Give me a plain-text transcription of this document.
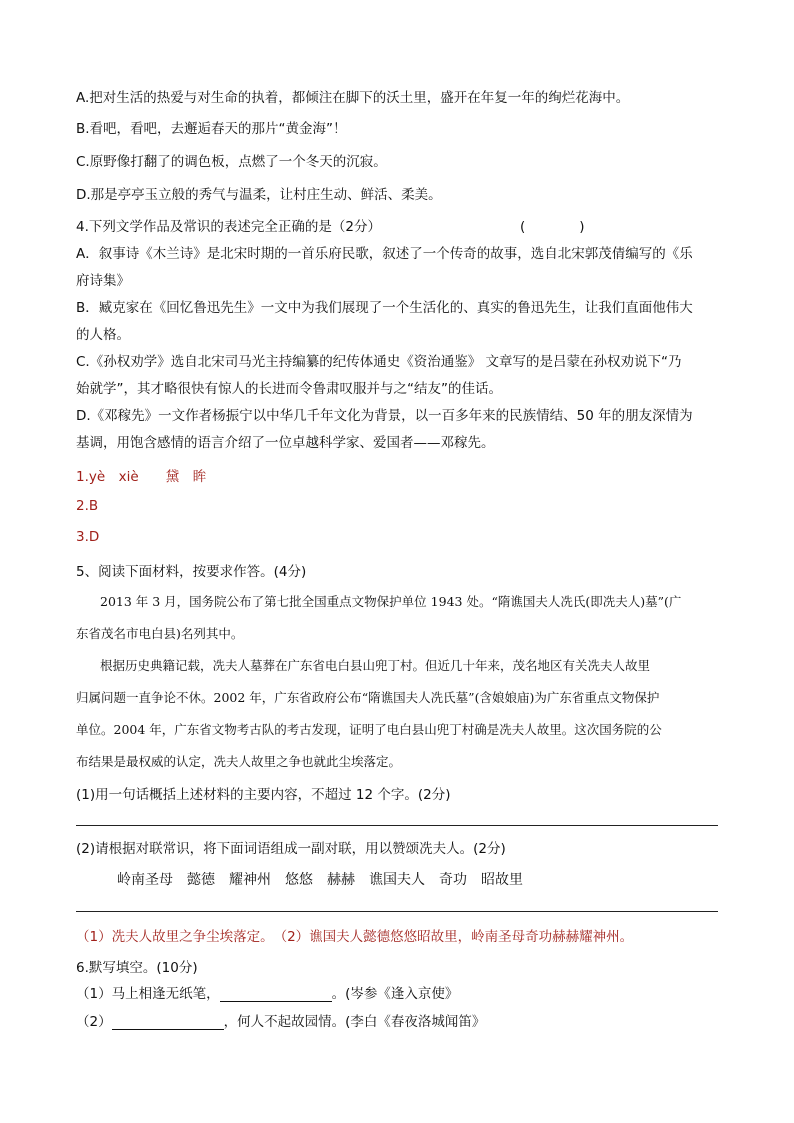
A.把对生活的热爱与对生命的执着，都倾注在脚下的沃土里，盛开在年复一年的绚烂花海中。
B.看吧，看吧，去邂逅春天的那片“黄金海”！
C.原野像打翻了的调色板，点燃了一个冬天的沉寂。
D.那是亭亭玉立般的秀气与温柔，让村庄生动、鲜活、柔美。
4.下列文学作品及常识的表述完全正确的是（2分）	(　　　　)
A．叙事诗《木兰诗》是北宋时期的一首乐府民歌，叙述了一个传奇的故事，选自北宋郭茂倩编写的《乐
府诗集》
B．臧克家在《回忆鲁迅先生》一文中为我们展现了一个生活化的、真实的鲁迅先生，让我们直面他伟大
的人格。
C.《孙权劝学》选自北宋司马光主持编纂的纪传体通史《资治通鉴》 文章写的是吕蒙在孙权劝说下“乃
始就学”，其才略很快有惊人的长进而令鲁肃叹服并与之“结友”的佳话。
D.《邓稼先》一文作者杨振宁以中华几千年文化为背景，以一百多年来的民族情结、50 年的朋友深情为
基调，用饱含感情的语言介绍了一位卓越科学家、爱国者——邓稼先。
1.yè　xiè　　黛　眸
2.B
3.D
5、阅读下面材料，按要求作答。(4分)
2013 年 3 月，国务院公布了第七批全国重点文物保护单位 1943 处。“隋谯国夫人冼氏(即冼夫人)墓”(广
东省茂名市电白县)名列其中。
根据历史典籍记载，冼夫人墓葬在广东省电白县山兜丁村。但近几十年来，茂名地区有关冼夫人故里
归属问题一直争论不休。2002 年，广东省政府公布“隋谯国夫人冼氏墓”(含娘娘庙)为广东省重点文物保护
单位。2004 年，广东省文物考古队的考古发现，证明了电白县山兜丁村确是冼夫人故里。这次国务院的公
布结果是最权威的认定，冼夫人故里之争也就此尘埃落定。
(1)用一句话概括上述材料的主要内容，不超过 12 个字。(2分)
(2)请根据对联常识，将下面词语组成一副对联，用以赞颂冼夫人。(2分)
岭南圣母　懿德　耀神州　悠悠　赫赫　谯国夫人　奇功　昭故里
（1）冼夫人故里之争尘埃落定。　（2）谯国夫人懿德悠悠昭故里，岭南圣母奇功赫赫耀神州。
6.默写填空。(10分)
（1）马上相逢无纸笔，	。(岑参《逢入京使》
（2）	，何人不起故园情。(李白《春夜洛城闻笛》
